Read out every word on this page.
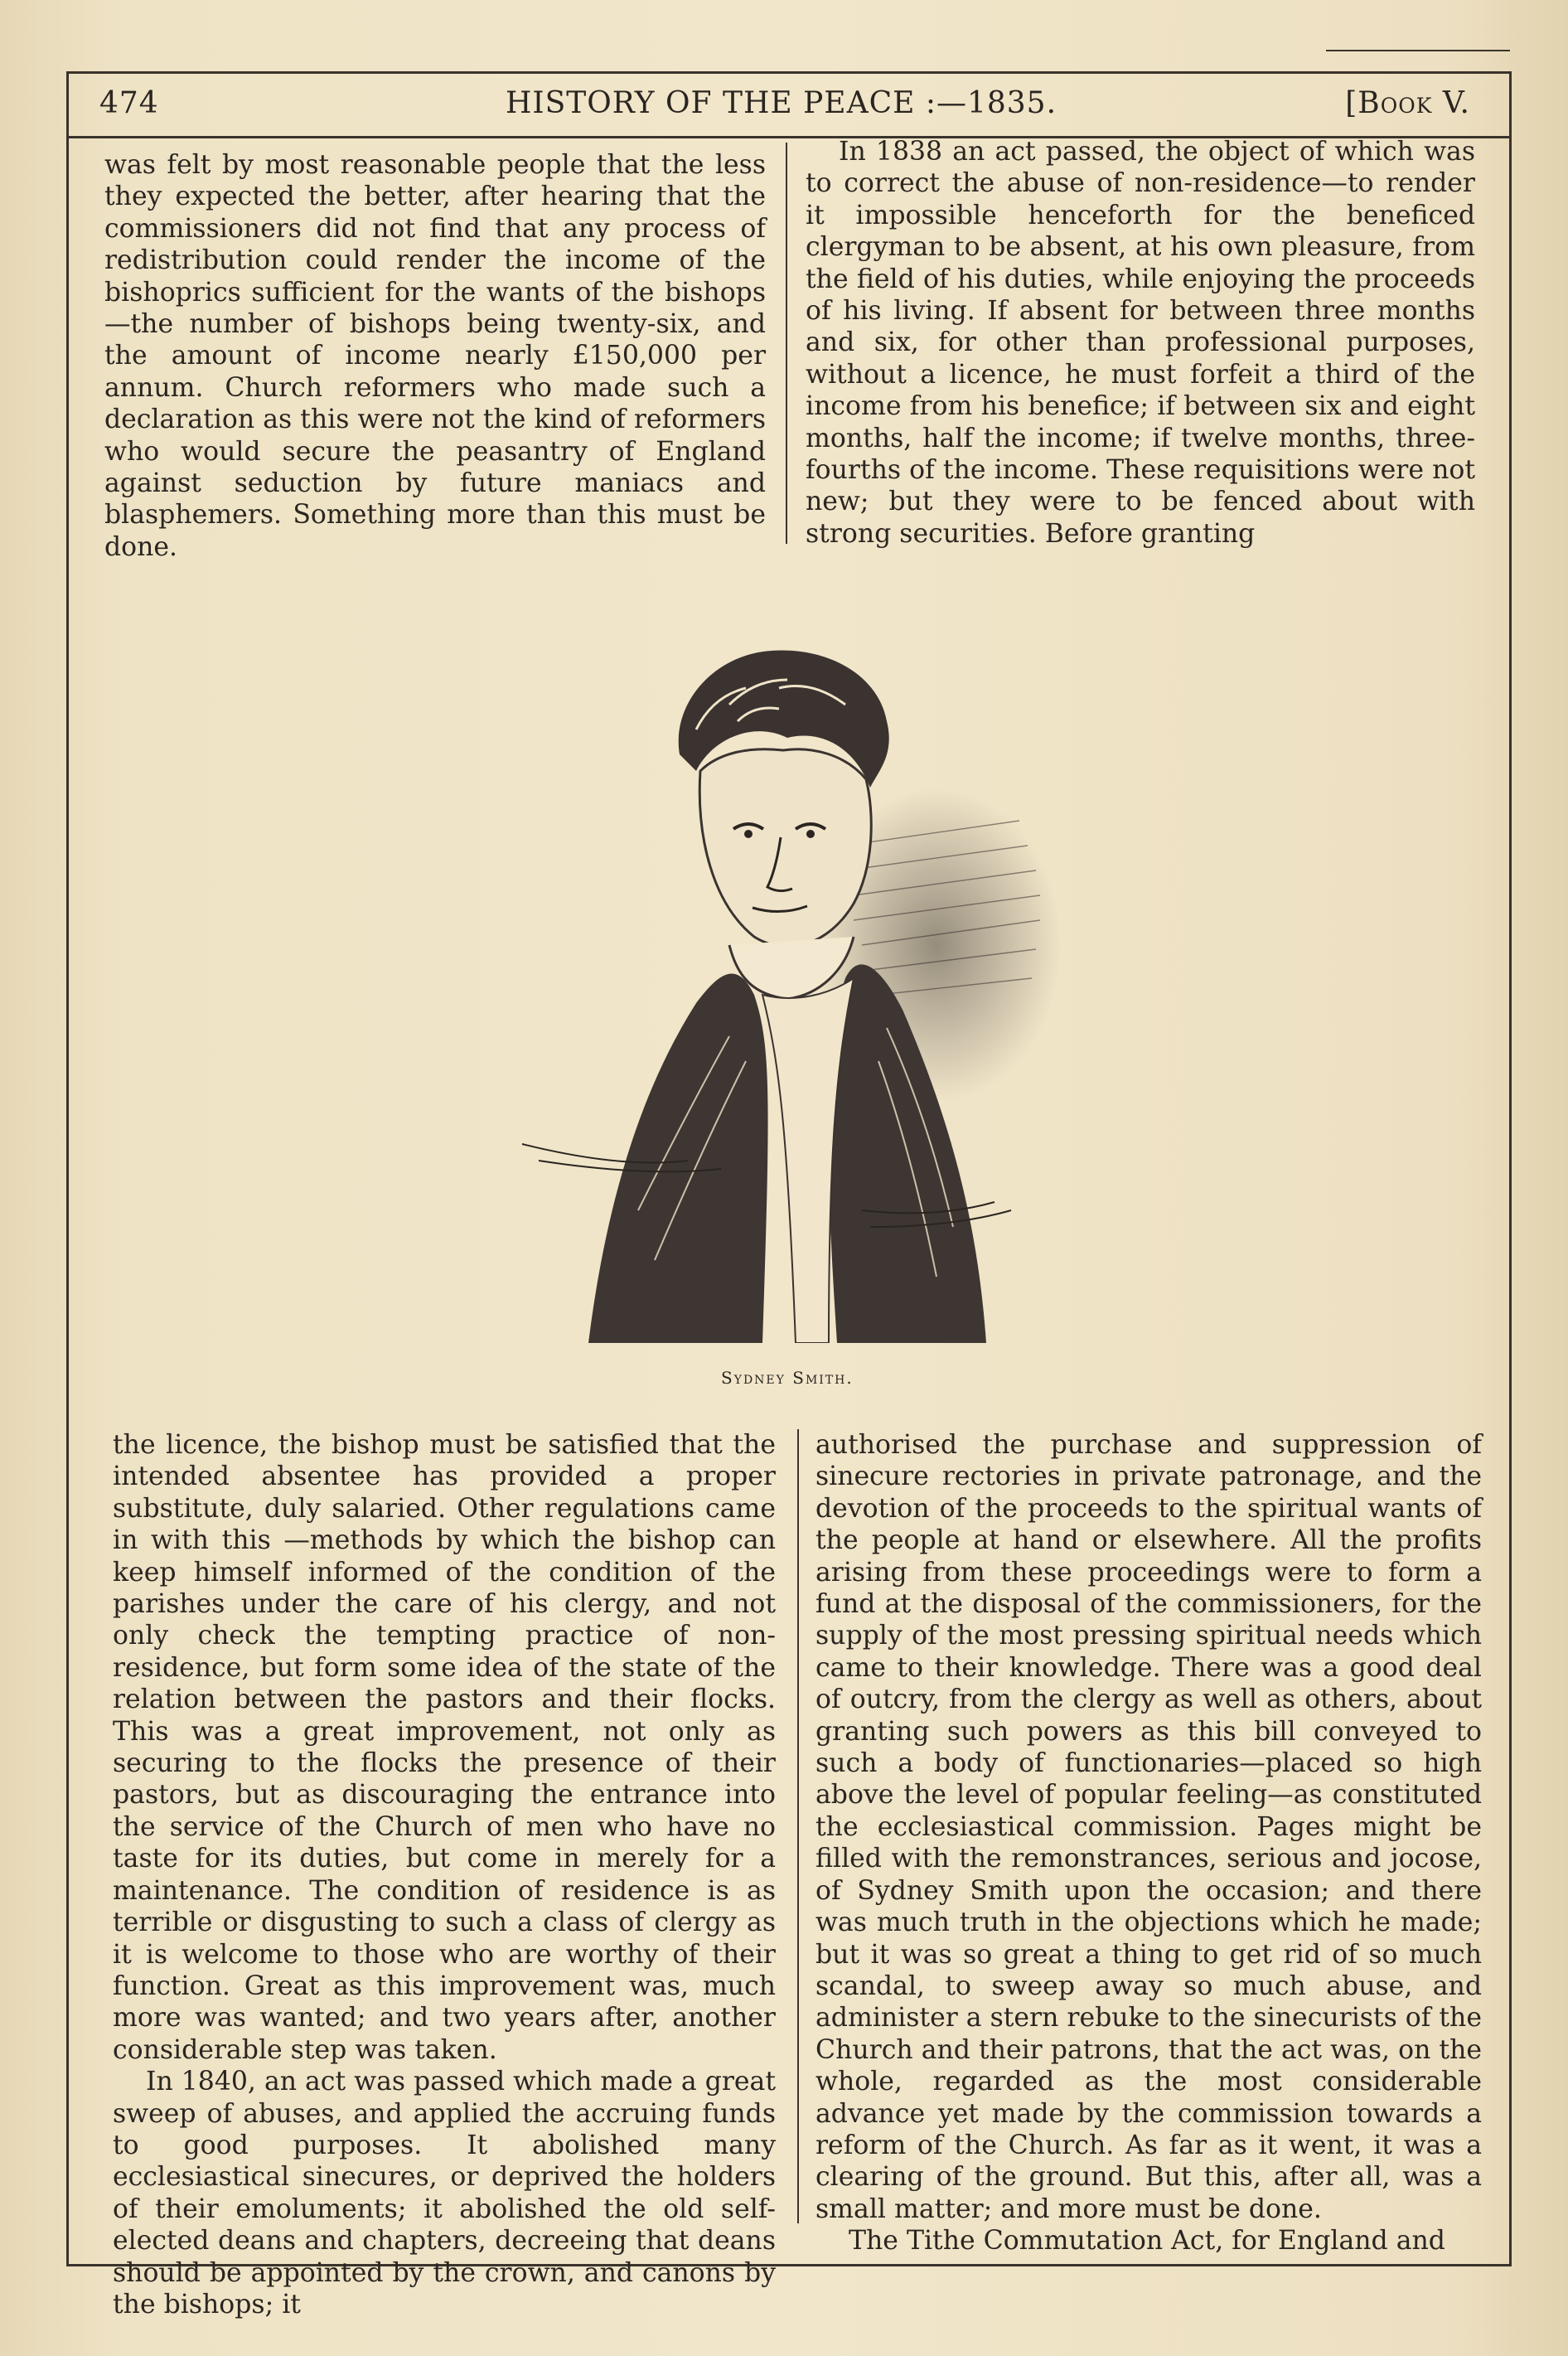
474	HISTORY OF THE PEACE :—1835.	[Book V.

was felt by most reasonable people that the less they expected the better, after hearing that the commissioners did not find that any process of redistribution could render the income of the bishoprics sufficient for the wants of the bishops—the number of bishops being twenty-six, and the amount of income nearly £150,000 per annum. Church reformers who made such a declaration as this were not the kind of reformers who would secure the peasantry of England against seduction by future maniacs and blasphemers. Something more than this must be done.

In 1838 an act passed, the object of which was to correct the abuse of non-residence—to render it impossible henceforth for the beneficed clergyman to be absent, at his own pleasure, from the field of his duties, while enjoying the proceeds of his living. If absent for between three months and six, for other than professional purposes, without a licence, he must forfeit a third of the income from his benefice; if between six and eight months, half the income; if twelve months, three-fourths of the income. These requisitions were not new; but they were to be fenced about with strong securities. Before granting

Sydney Smith.

the licence, the bishop must be satisfied that the intended absentee has provided a proper substitute, duly salaried. Other regulations came in with this —methods by which the bishop can keep himself informed of the condition of the parishes under the care of his clergy, and not only check the tempting practice of non-residence, but form some idea of the state of the relation between the pastors and their flocks. This was a great improvement, not only as securing to the flocks the presence of their pastors, but as discouraging the entrance into the service of the Church of men who have no taste for its duties, but come in merely for a maintenance. The condition of residence is as terrible or disgusting to such a class of clergy as it is welcome to those who are worthy of their function. Great as this improvement was, much more was wanted; and two years after, another considerable step was taken.

In 1840, an act was passed which made a great sweep of abuses, and applied the accruing funds to good purposes. It abolished many ecclesiastical sinecures, or deprived the holders of their emoluments; it abolished the old self-elected deans and chapters, decreeing that deans should be appointed by the crown, and canons by the bishops; it

authorised the purchase and suppression of sinecure rectories in private patronage, and the devotion of the proceeds to the spiritual wants of the people at hand or elsewhere. All the profits arising from these proceedings were to form a fund at the disposal of the commissioners, for the supply of the most pressing spiritual needs which came to their knowledge. There was a good deal of outcry, from the clergy as well as others, about granting such powers as this bill conveyed to such a body of functionaries—placed so high above the level of popular feeling—as constituted the ecclesiastical commission. Pages might be filled with the remonstrances, serious and jocose, of Sydney Smith upon the occasion; and there was much truth in the objections which he made; but it was so great a thing to get rid of so much scandal, to sweep away so much abuse, and administer a stern rebuke to the sinecurists of the Church and their patrons, that the act was, on the whole, regarded as the most considerable advance yet made by the commission towards a reform of the Church. As far as it went, it was a clearing of the ground. But this, after all, was a small matter; and more must be done.

The Tithe Commutation Act, for England and
